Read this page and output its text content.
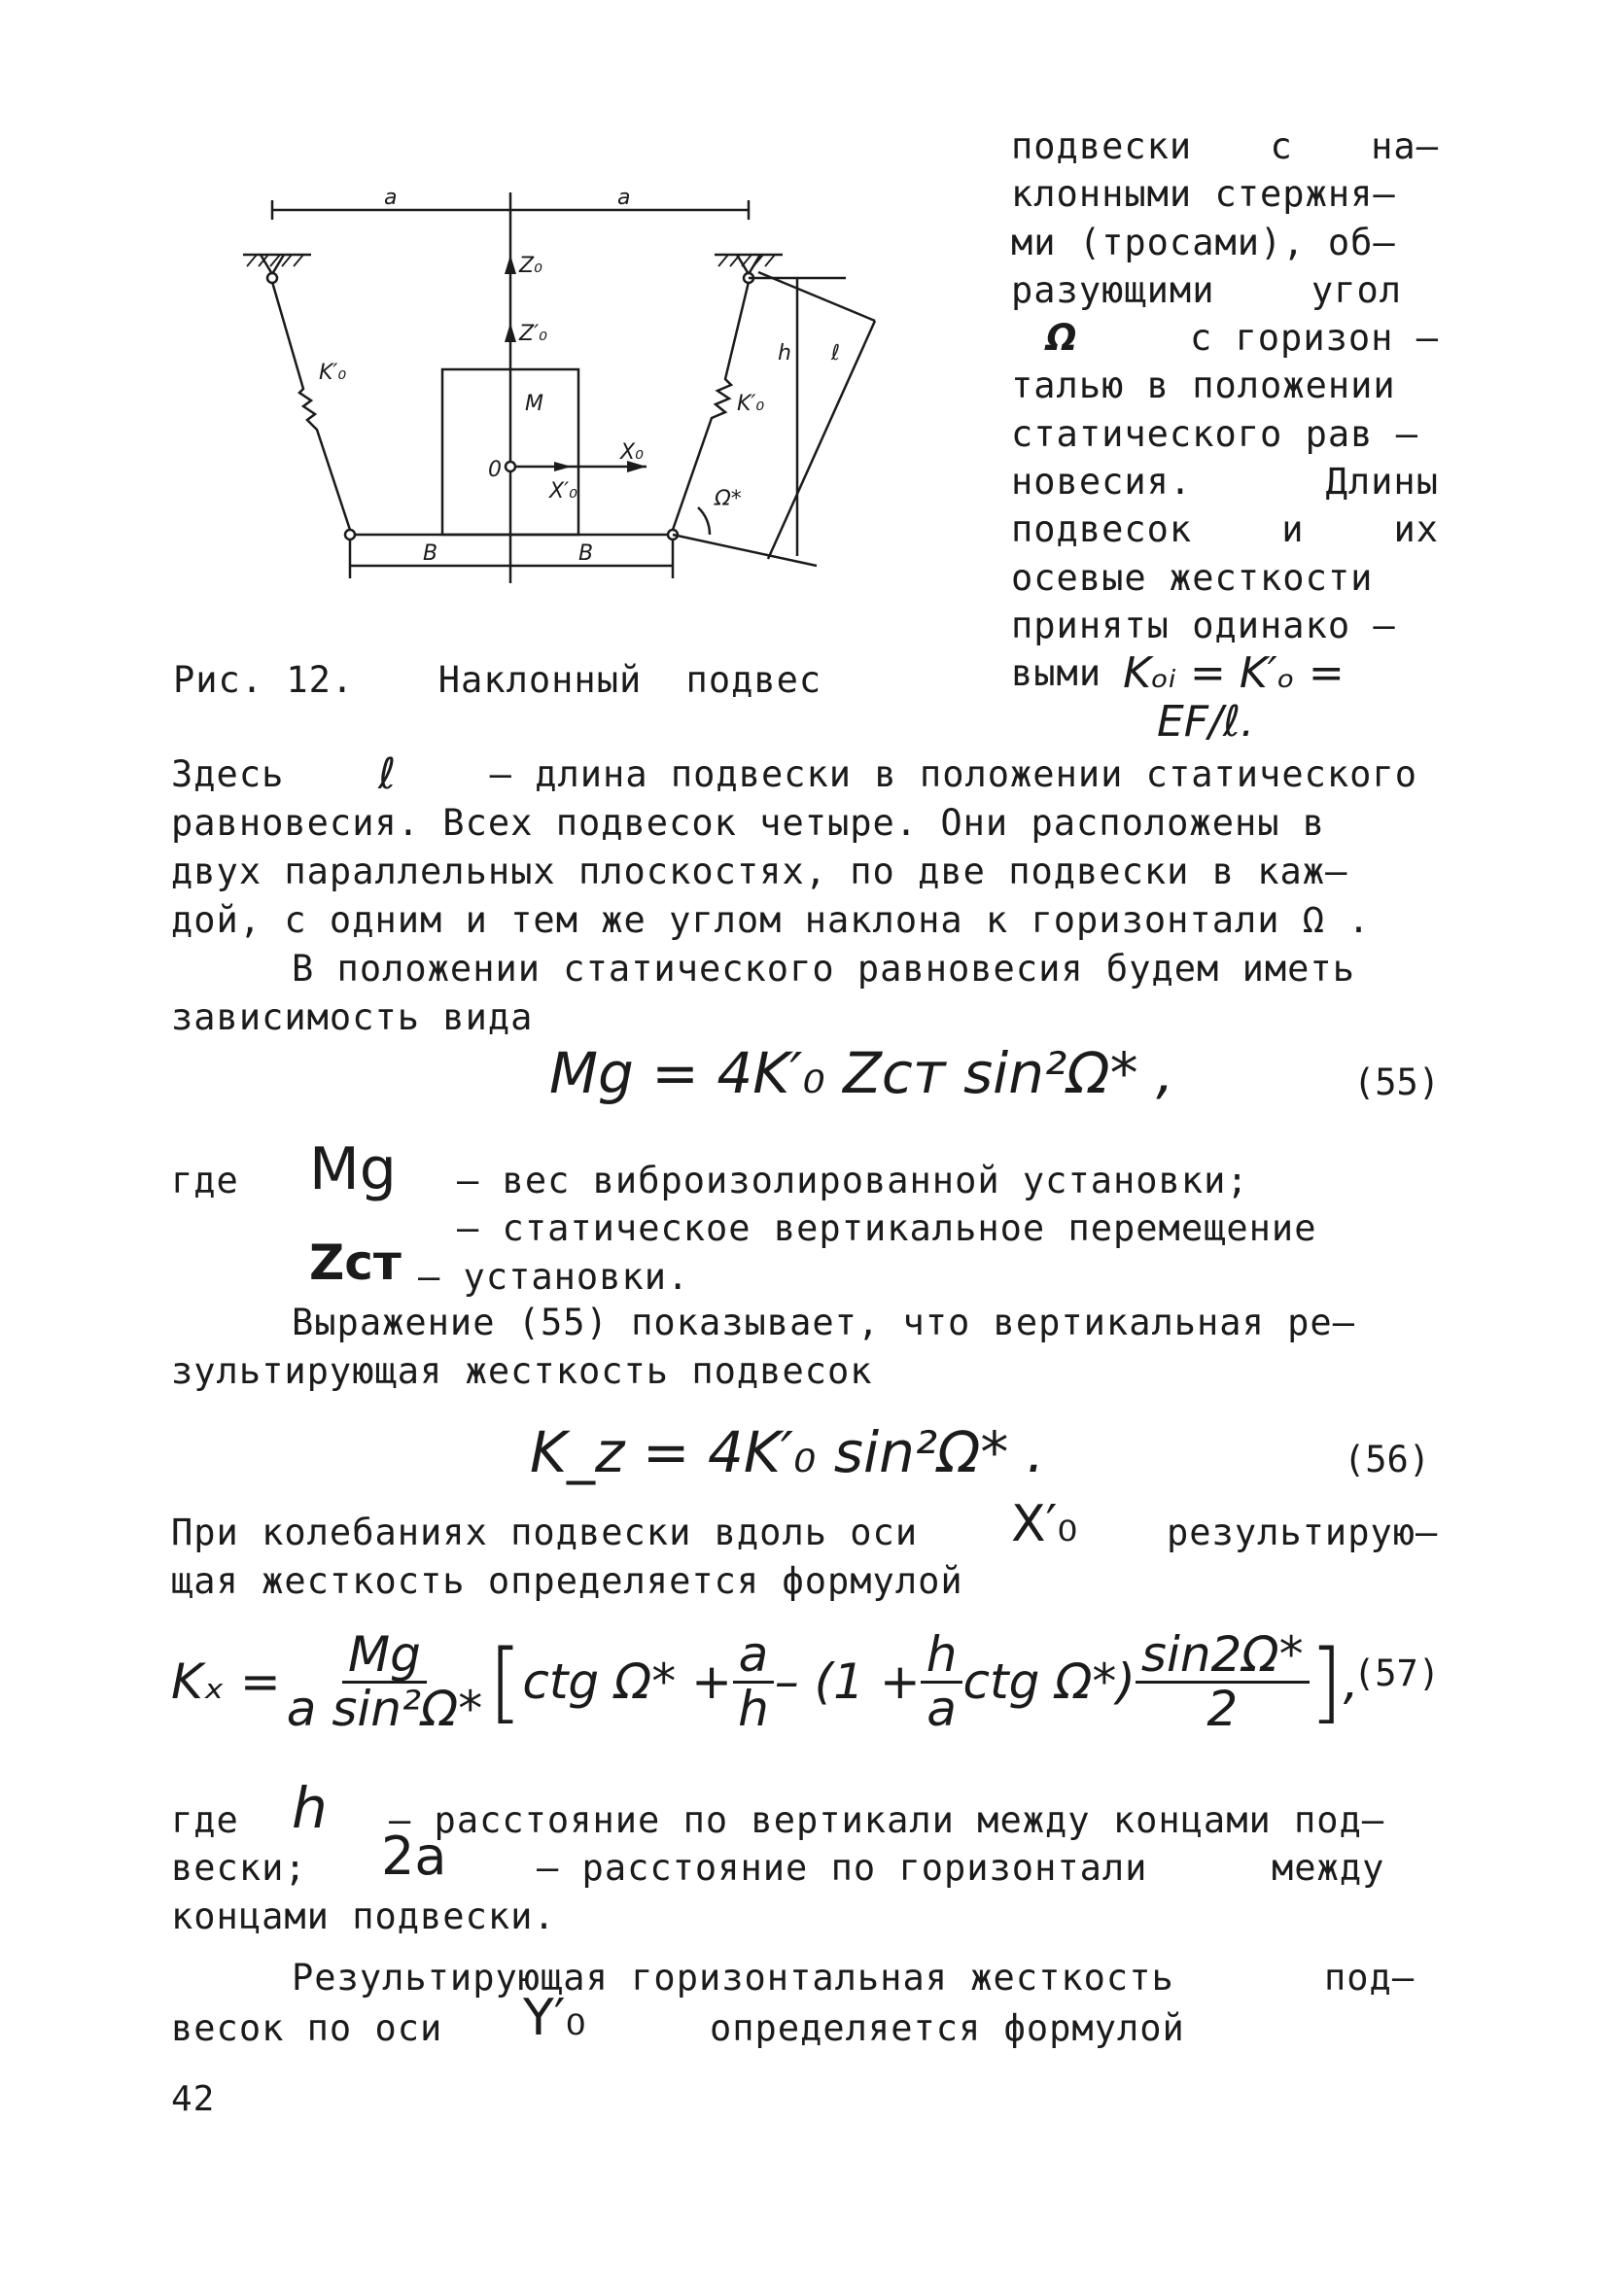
a	a
Z₀
Z′₀
M
0
X₀
X′₀
K′₀
K′₀
h ℓ
Ω*
B	B
Рис. 12. Наклонный подвес
подвески с на–
клонными стержня–
ми (тросами), об–
разующими	угол
Ω	с горизон –
талью в положении
статического рав –
новесия.	Длины
подвесок и их
осевые жесткости
приняты одинако –
выми Kₒᵢ = K′ₒ =
EF/ℓ.
Здесь ℓ	– длина подвески в положении статического
равновесия. Всех подвесок четыре. Они расположены в
двух параллельных плоскостях, по две подвески в каж–
дой, с одним и тем же углом наклона к горизонтали Ω .
В положении статического равновесия будем иметь
зависимость вида
Mg = 4K′₀ Zст sin²Ω* ,	(55)
где Mg – вес виброизолированной установки;
– статическое вертикальное перемещение
Zст – установки.
Выражение (55) показывает, что вертикальная ре–
зультирующая жесткость подвесок
K_z = 4K′₀ sin²Ω* .	(56)
При колебаниях подвески вдоль оси X′₀ результирую–
щая жесткость определяется формулой
$K_x = \frac{Mg}{\text{a sin²Ω*}}$ [ ctg $\Omega* + \frac{a}{h} - (1 + \frac{h}{a}$ ctg $\Omega*) \frac{\sin 2\Omega*}{2}$ ] ,
(57)
где h – расстояние по вертикали между концами под–
вески; 2a	– расстояние по горизонтали	между
концами подвески.
Результирующая горизонтальная жесткость	под–
весок по оси Y′₀	определяется формулой
42
